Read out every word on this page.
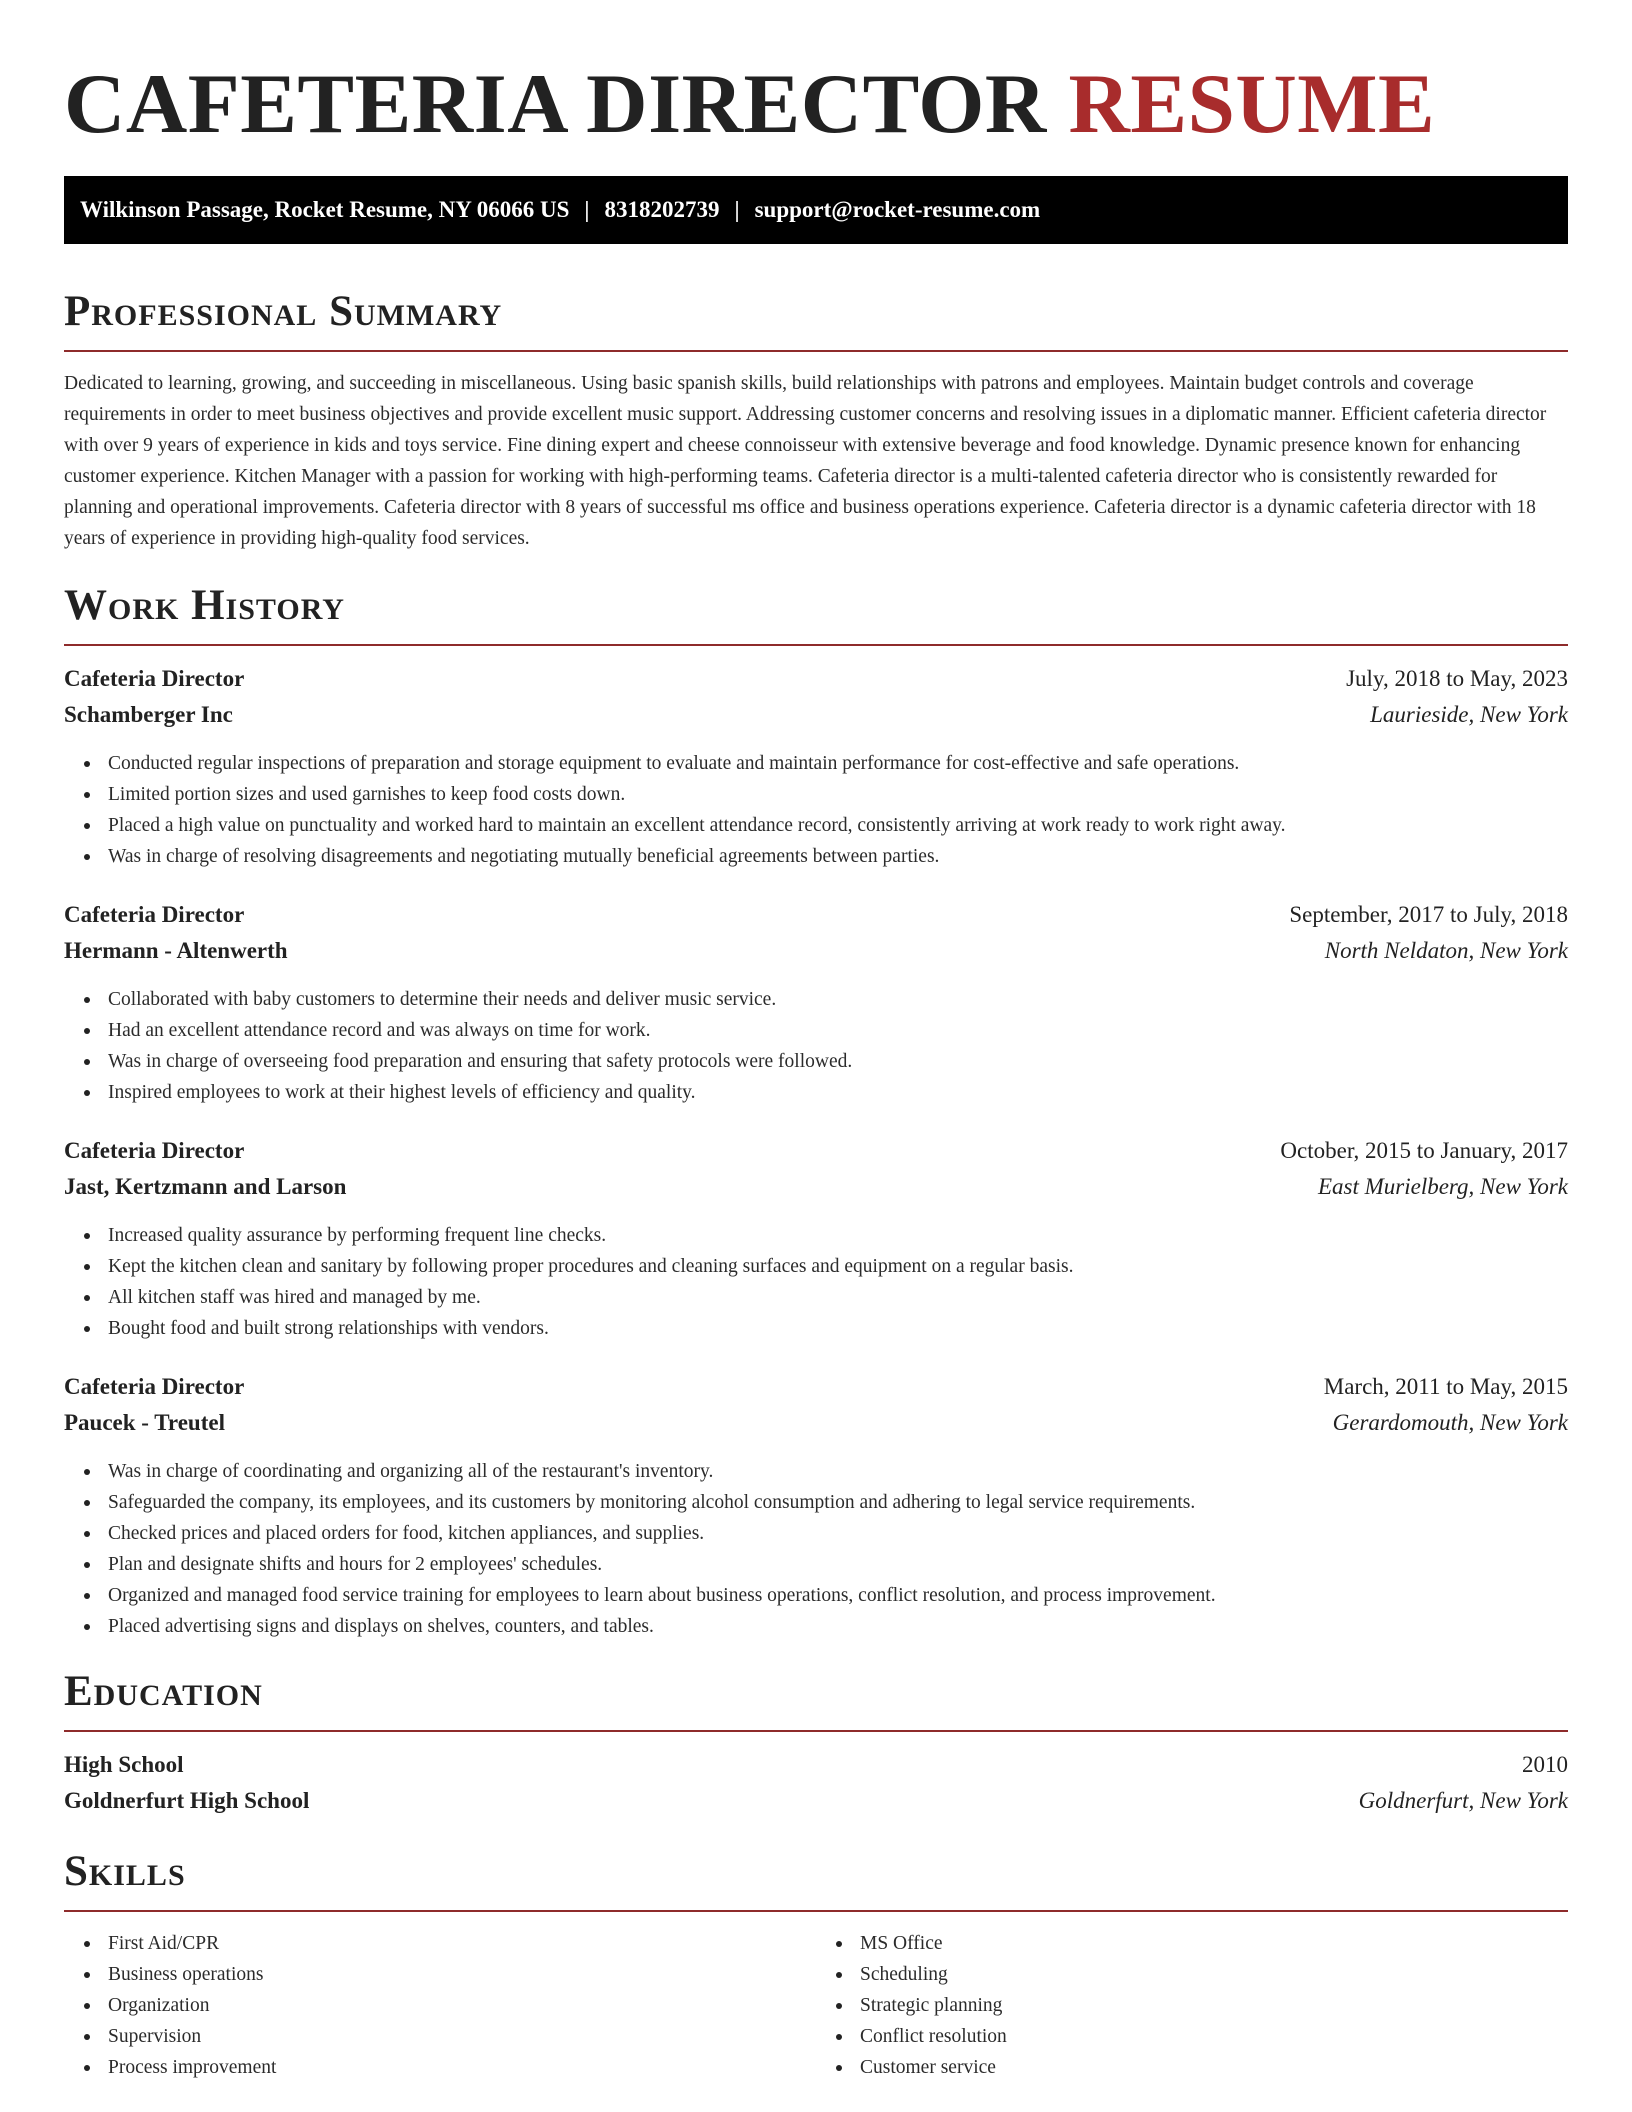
CAFETERIA DIRECTOR RESUME
Wilkinson Passage, Rocket Resume, NY 06066 US | 8318202739 | support@rocket-resume.com
Professional Summary

Dedicated to learning, growing, and succeeding in miscellaneous. Using basic spanish skills, build relationships with patrons and employees. Maintain budget controls and coverage requirements in order to meet business objectives and provide excellent music support. Addressing customer concerns and resolving issues in a diplomatic manner. Efficient cafeteria director with over 9 years of experience in kids and toys service. Fine dining expert and cheese connoisseur with extensive beverage and food knowledge. Dynamic presence known for enhancing customer experience. Kitchen Manager with a passion for working with high-performing teams. Cafeteria director is a multi-talented cafeteria director who is consistently rewarded for planning and operational improvements. Cafeteria director with 8 years of successful ms office and business operations experience. Cafeteria director is a dynamic cafeteria director with 18 years of experience in providing high-quality food services.

Work History
Cafeteria Director	July, 2018 to May, 2023
Schamberger Inc	Laurieside, New York
Conducted regular inspections of preparation and storage equipment to evaluate and maintain performance for cost-effective and safe operations.
Limited portion sizes and used garnishes to keep food costs down.
Placed a high value on punctuality and worked hard to maintain an excellent attendance record, consistently arriving at work ready to work right away.
Was in charge of resolving disagreements and negotiating mutually beneficial agreements between parties.
Cafeteria Director	September, 2017 to July, 2018
Hermann - Altenwerth	North Neldaton, New York
Collaborated with baby customers to determine their needs and deliver music service.
Had an excellent attendance record and was always on time for work.
Was in charge of overseeing food preparation and ensuring that safety protocols were followed.
Inspired employees to work at their highest levels of efficiency and quality.
Cafeteria Director	October, 2015 to January, 2017
Jast, Kertzmann and Larson	East Murielberg, New York
Increased quality assurance by performing frequent line checks.
Kept the kitchen clean and sanitary by following proper procedures and cleaning surfaces and equipment on a regular basis.
All kitchen staff was hired and managed by me.
Bought food and built strong relationships with vendors.
Cafeteria Director	March, 2011 to May, 2015
Paucek - Treutel	Gerardomouth, New York
Was in charge of coordinating and organizing all of the restaurant's inventory.
Safeguarded the company, its employees, and its customers by monitoring alcohol consumption and adhering to legal service requirements.
Checked prices and placed orders for food, kitchen appliances, and supplies.
Plan and designate shifts and hours for 2 employees' schedules.
Organized and managed food service training for employees to learn about business operations, conflict resolution, and process improvement.
Placed advertising signs and displays on shelves, counters, and tables.
Education
High School	2010
Goldnerfurt High School	Goldnerfurt, New York
Skills
First Aid/CPR
Business operations
Organization
Supervision
Process improvement
MS Office
Scheduling
Strategic planning
Conflict resolution
Customer service
